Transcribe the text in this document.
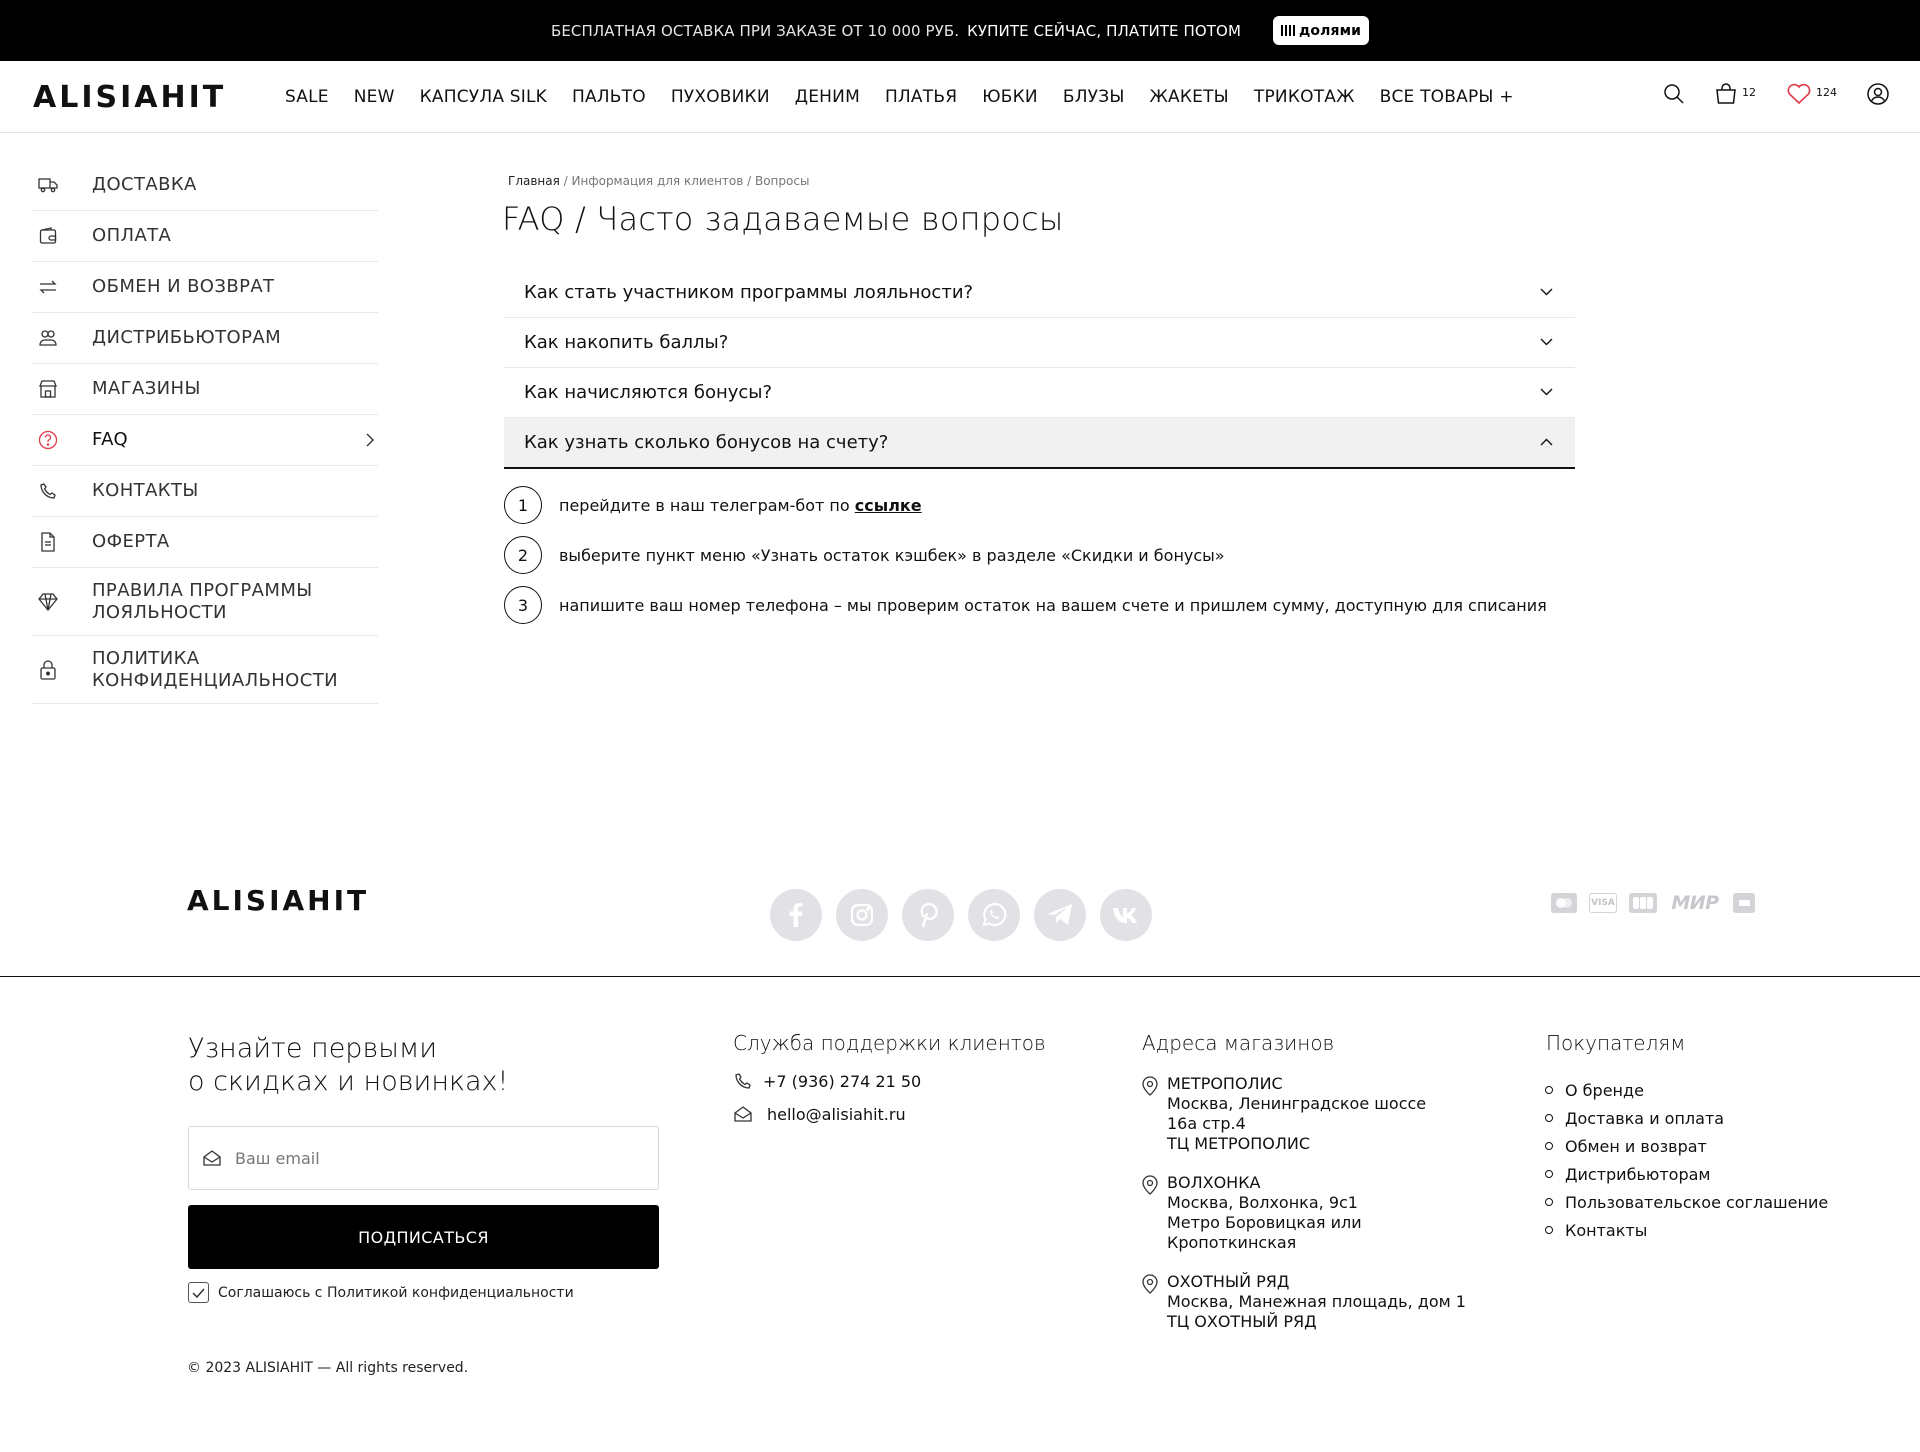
БЕСПЛАТНАЯ ОСТАВКА ПРИ ЗАКАЗЕ ОТ 10 000 РУБ. КУПИТЕ СЕЙЧАС, ПЛАТИТЕ ПОТОМ	долями
ALISIAHIT	SALE NEW КАПСУЛА SILK ПАЛЬТО ПУХОВИКИ ДЕНИМ ПЛАТЬЯ ЮБКИ БЛУЗЫ ЖАКЕТЫ ТРИКОТАЖ ВСЕ ТОВАРЫ +	12	124
ДОСТАВКА
ОПЛАТА
ОБМЕН И ВОЗВРАТ
ДИСТРИБЬЮТОРАМ
МАГАЗИНЫ
FAQ
КОНТАКТЫ
ОФЕРТА
ПРАВИЛА ПРОГРАММЫ ЛОЯЛЬНОСТИ
ПОЛИТИКА КОНФИДЕНЦИАЛЬНОСТИ
Главная / Информация для клиентов / Вопросы
FAQ / Часто задаваемые вопросы
Как стать участником программы лояльности?
Как накопить баллы?
Как начисляются бонусы?
Как узнать сколько бонусов на счету?
1	перейдите в наш телеграм-бот по ссылке
2	выберите пункт меню «Узнать остаток кэшбек» в разделе «Скидки и бонусы»
3	напишите ваш номер телефона – мы проверим остаток на вашем счете и пришлем сумму, доступную для списания
ALISIAHIT	VISA	МИР
Узнайте первыми
о скидках и новинках!
Ваш email
ПОДПИСАТЬСЯ
Соглашаюсь с Политикой конфиденциальности
© 2023 ALISIAHIT — All rights reserved.
Служба поддержки клиентов
+7 (936) 274 21 50
hello@alisiahit.ru
Адреса магазинов
МЕТРОПОЛИС
Москва, Ленинградское шоссе
16а стр.4
ТЦ МЕТРОПОЛИС
ВОЛХОНКА
Москва, Волхонка, 9с1
Метро Боровицкая или
Кропоткинская
ОХОТНЫЙ РЯД
Москва, Манежная площадь, дом 1
ТЦ ОХОТНЫЙ РЯД
Покупателям
О бренде
Доставка и оплата
Обмен и возврат
Дистрибьюторам
Пользовательское соглашение
Контакты
